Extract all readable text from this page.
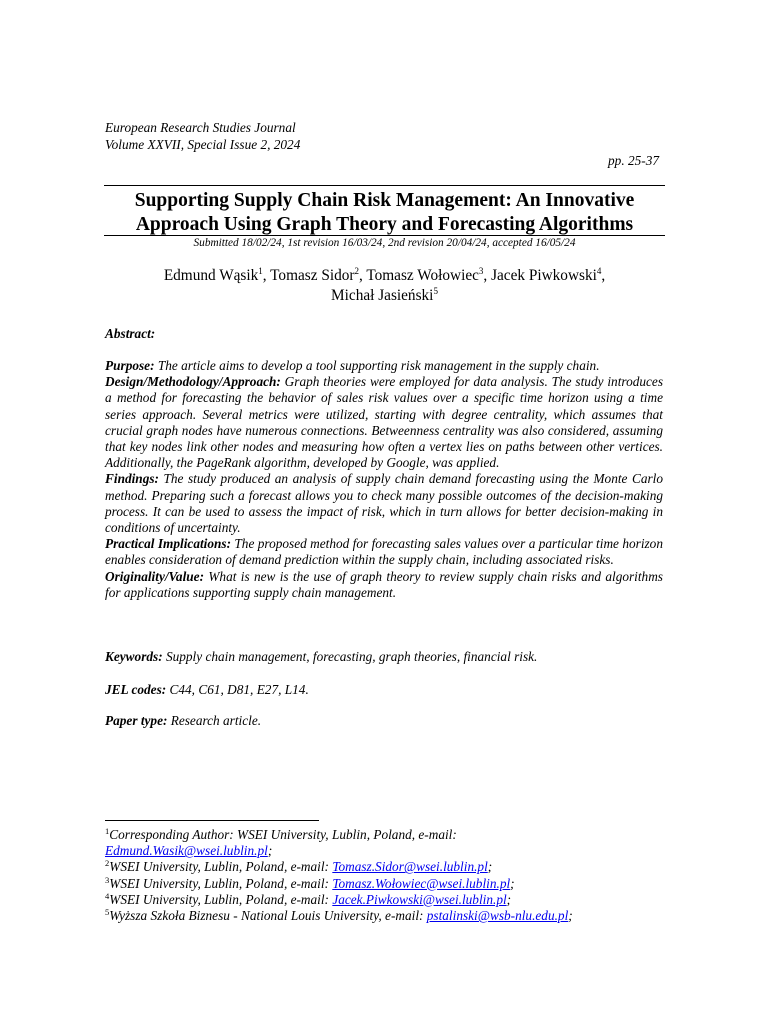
European Research Studies Journal
Volume XXVII, Special Issue 2, 2024
pp. 25-37
Supporting Supply Chain Risk Management: An Innovative
Approach Using Graph Theory and Forecasting Algorithms
Submitted 18/02/24, 1st revision 16/03/24, 2nd revision 20/04/24, accepted 16/05/24
Edmund Wąsik$^1$, Tomasz Sidor$^2$, Tomasz Wołowiec$^3$, Jacek Piwkowski$^4$,
Michał Jasieński$^5$
Abstract:
Purpose: The article aims to develop a tool supporting risk management in the supply chain.
Design/Methodology/Approach: Graph theories were employed for data analysis. The study introduces a method for forecasting the behavior of sales risk values over a specific time horizon using a time series approach. Several metrics were utilized, starting with degree centrality, which assumes that crucial graph nodes have numerous connections. Betweenness centrality was also considered, assuming that key nodes link other nodes and measuring how often a vertex lies on paths between other vertices. Additionally, the PageRank algorithm, developed by Google, was applied.
Findings: The study produced an analysis of supply chain demand forecasting using the Monte Carlo method. Preparing such a forecast allows you to check many possible outcomes of the decision-making process. It can be used to assess the impact of risk, which in turn allows for better decision-making in conditions of uncertainty.
Practical Implications: The proposed method for forecasting sales values over a particular time horizon enables consideration of demand prediction within the supply chain, including associated risks.
Originality/Value: What is new is the use of graph theory to review supply chain risks and algorithms for applications supporting supply chain management.
Keywords: Supply chain management, forecasting, graph theories, financial risk.
JEL codes: C44, C61, D81, E27, L14.
Paper type: Research article.
$^1$Corresponding Author: WSEI University, Lublin, Poland, e-mail:
Edmund.Wasik@wsei.lublin.pl;
$^2$WSEI University, Lublin, Poland, e-mail: Tomasz.Sidor@wsei.lublin.pl;
$^3$WSEI University, Lublin, Poland, e-mail: Tomasz.Wołowiec@wsei.lublin.pl;
$^4$WSEI University, Lublin, Poland, e-mail: Jacek.Piwkowski@wsei.lublin.pl;
$^5$Wyższa Szkoła Biznesu - National Louis University, e-mail: pstalinski@wsb-nlu.edu.pl;
